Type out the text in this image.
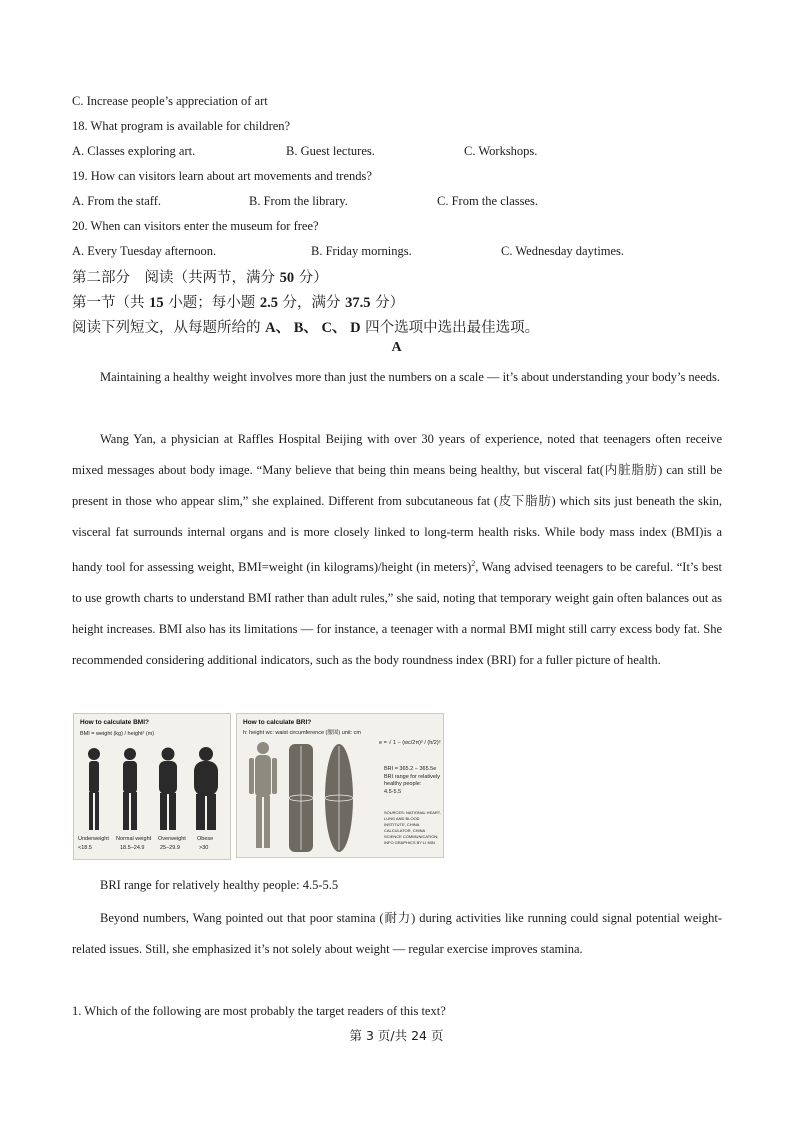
C. Increase people’s appreciation of art
18. What program is available for children?
A. Classes exploring art.	B. Guest lectures.	C. Workshops.
19. How can visitors learn about art movements and trends?
A. From the staff.	B. From the library.	C. From the classes.
20. When can visitors enter the museum for free?
A. Every Tuesday afternoon.	B. Friday mornings.	C. Wednesday daytimes.
第二部分　阅读（共两节，满分 50 分）
第一节（共 15 小题；每小题 2.5 分，满分 37.5 分）
阅读下列短文，从每题所给的 A、 B、 C、 D 四个选项中选出最佳选项。
A
Maintaining a healthy weight involves more than just the numbers on a scale — it’s about understanding your body’s needs.
Wang Yan, a physician at Raffles Hospital Beijing with over 30 years of experience, noted that teenagers often receive mixed messages about body image. “Many believe that being thin means being healthy, but visceral fat(内脏脂肪) can still be present in those who appear slim,” she explained. Different from subcutaneous fat (皮下脂肪) which sits just beneath the skin, visceral fat surrounds internal organs and is more closely linked to long-term health risks. While body mass index (BMI)is a handy tool for assessing weight, BMI=weight (in kilograms)/height (in meters)$^2$, Wang advised teenagers to be careful. “It’s best to use growth charts to understand BMI rather than adult rules,” she said, noting that temporary weight gain often balances out as height increases. BMI also has its limitations — for instance, a teenager with a normal BMI might still carry excess body fat. She recommended considering additional indicators, such as the body roundness index (BRI) for a fuller picture of health.
How to calculate BMI?
BMI = weight (kg) / height² (m)
Underweight Normal weight Overweight Obese
<18.5	18.5–24.9	25–29.9	>30
How to calculate BRI?
h: height wc: waist circumference (腰围) unit: cm
e = √ 1 − (wc/2π)² / (h/2)²
BRI = 365.2 − 365.5e
BRI range for relatively healthy people:
4.5-5.5
SOURCES: NATIONAL HEART, LUNG AND BLOOD INSTITUTE, CHINA CALCULATOR, CHINA SCIENCE COMMUNICATION; INFO GRAPHICS BY LI MIN
BRI range for relatively healthy people: 4.5-5.5
Beyond numbers, Wang pointed out that poor stamina (耐力) during activities like running could signal potential weight-related issues. Still, she emphasized it’s not solely about weight — regular exercise improves stamina.
1. Which of the following are most probably the target readers of this text?
第 3 页/共 24 页
